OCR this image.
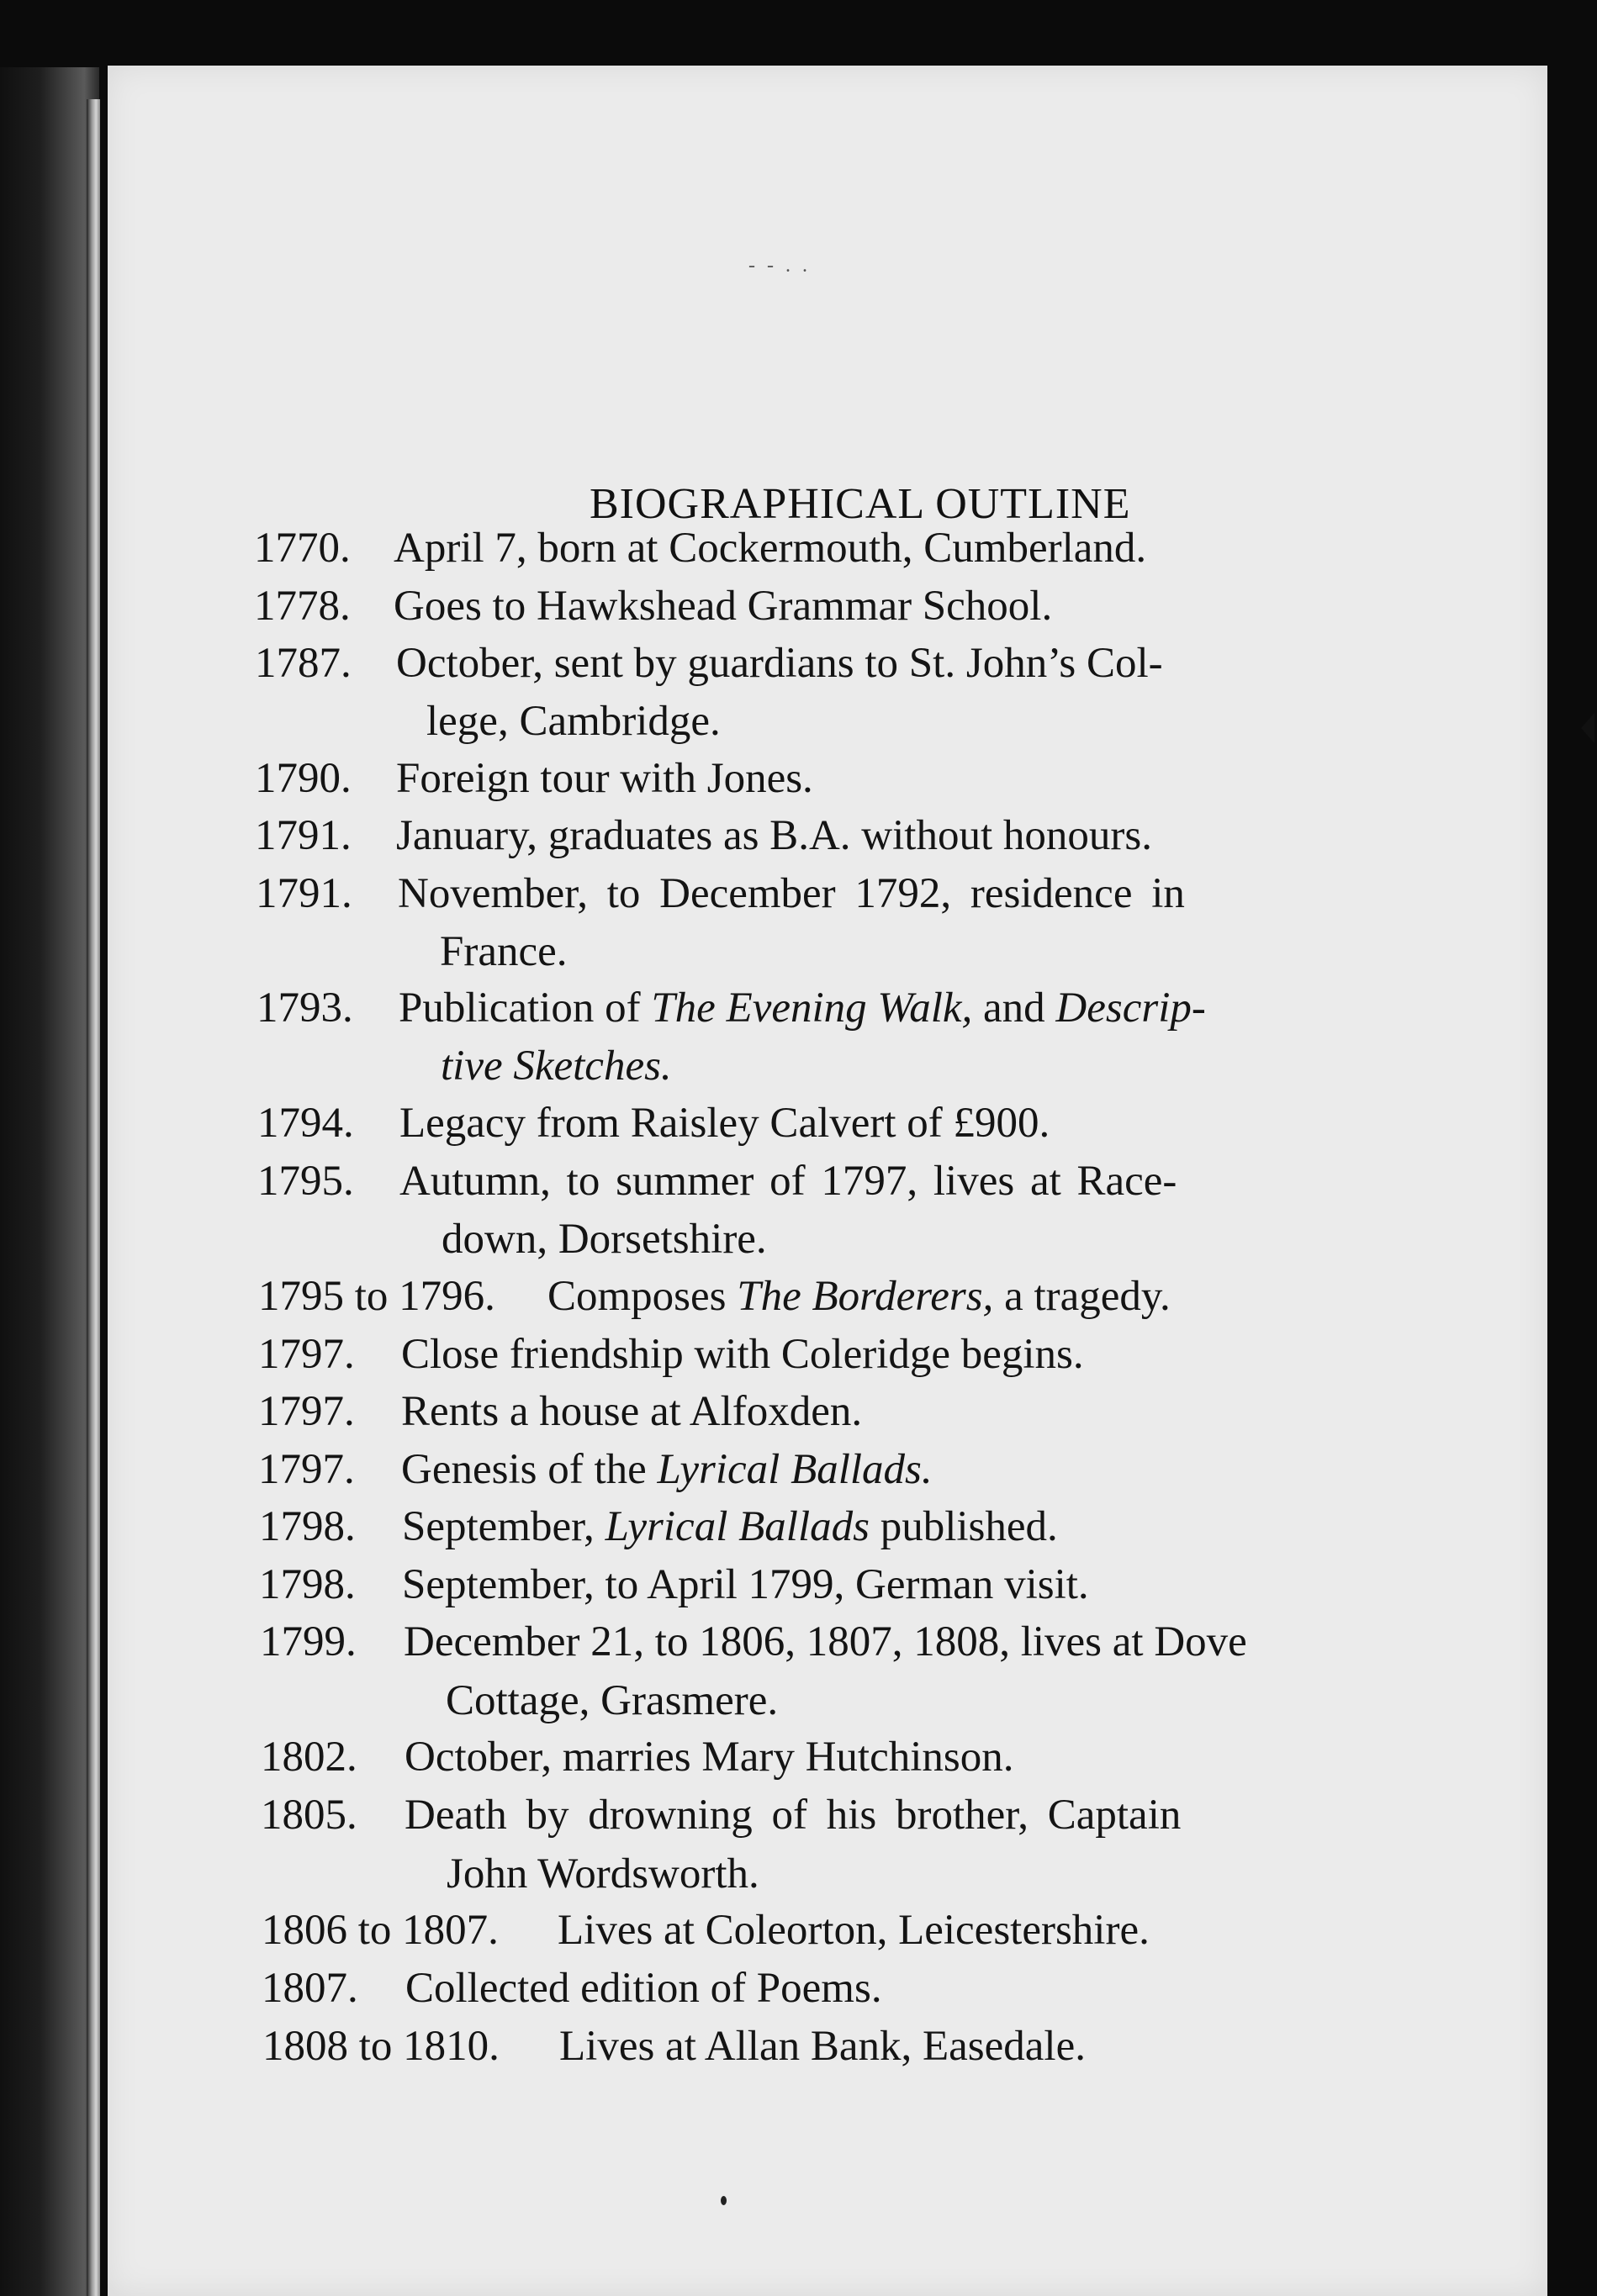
- - . .
BIOGRAPHICAL OUTLINE
1770. April 7, born at Cockermouth, Cumberland.
1778. Goes to Hawkshead Grammar School.
1787. October, sent by guardians to St. John’s Col-
lege, Cambridge.
1790. Foreign tour with Jones.
1791. January, graduates as B.A. without honours.
1791. November, to December 1792, residence in
France.
1793. Publication of The Evening Walk, and Descrip-
tive Sketches.
1794. Legacy from Raisley Calvert of £900.
1795. Autumn, to summer of 1797, lives at Race-
down, Dorsetshire.
1795 to 1796. Composes The Borderers, a tragedy.
1797. Close friendship with Coleridge begins.
1797. Rents a house at Alfoxden.
1797. Genesis of the Lyrical Ballads.
1798. September, Lyrical Ballads published.
1798. September, to April 1799, German visit.
1799. December 21, to 1806, 1807, 1808, lives at Dove
Cottage, Grasmere.
1802. October, marries Mary Hutchinson.
1805. Death by drowning of his brother, Captain
John Wordsworth.
1806 to 1807. Lives at Coleorton, Leicestershire.
1807. Collected edition of Poems.
1808 to 1810. Lives at Allan Bank, Easedale.
